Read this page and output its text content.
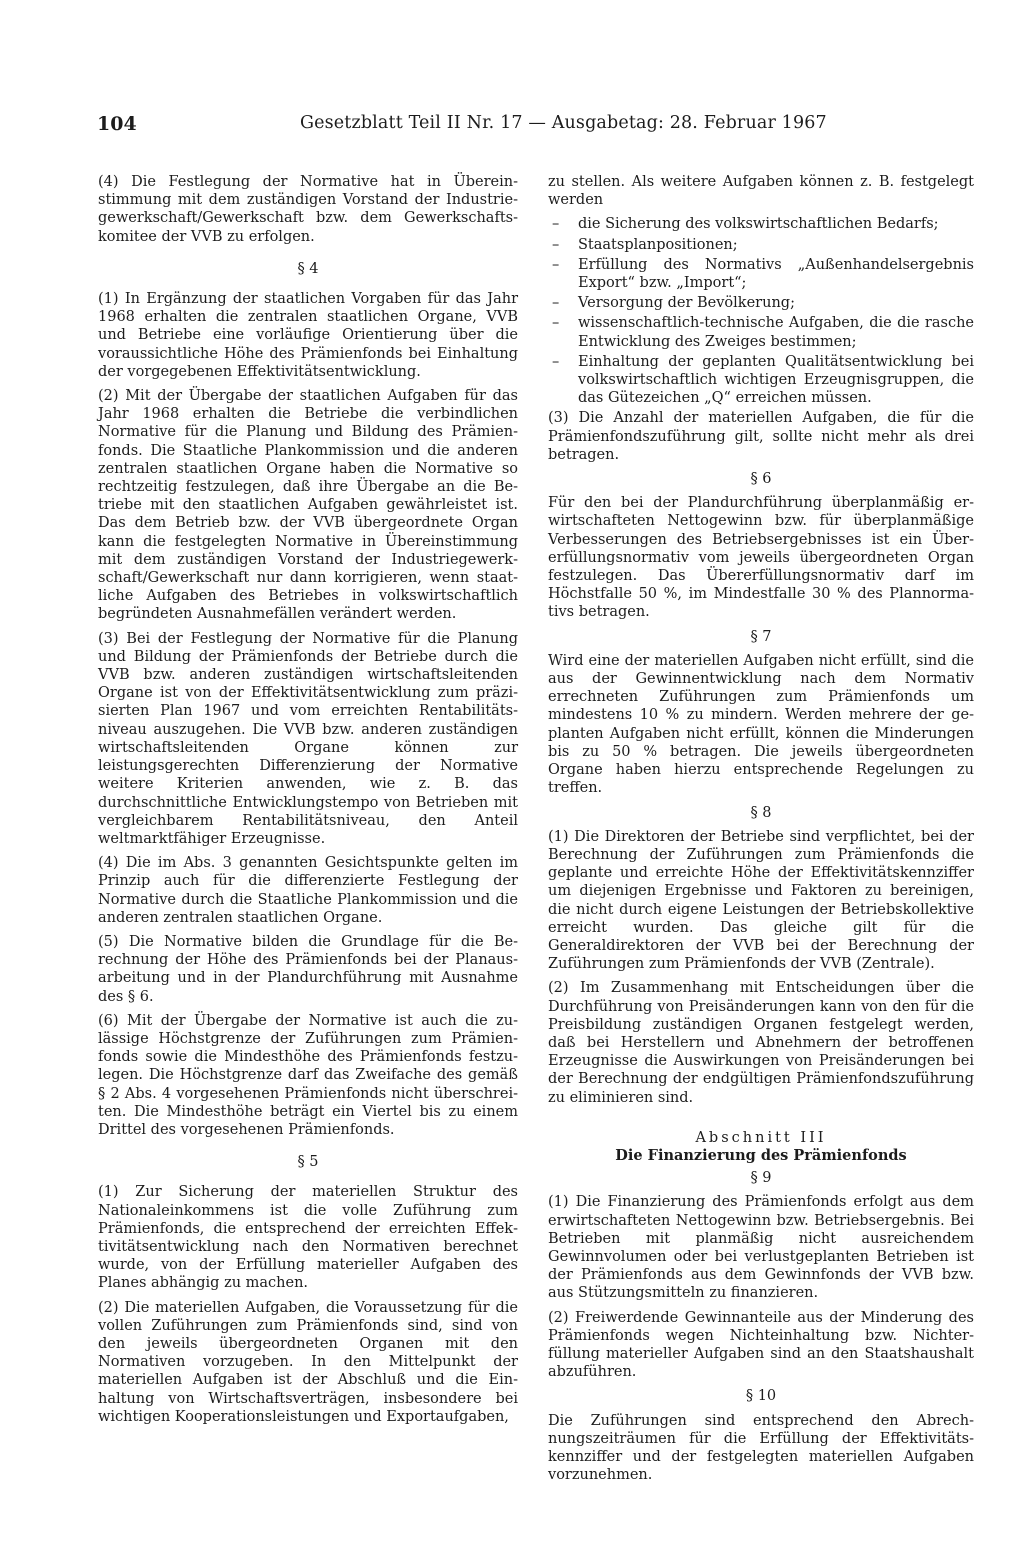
104	Gesetzblatt Teil II Nr. 17 — Ausgabetag: 28. Februar 1967

(4) Die Festlegung der Normative hat in Übereinstimmung mit dem zuständigen Vorstand der Industriegewerkschaft/Gewerkschaft bzw. dem Gewerkschaftskomitee der VVB zu erfolgen.

§ 4

(1) In Ergänzung der staatlichen Vorgaben für das Jahr 1968 erhalten die zentralen staatlichen Organe, VVB und Betriebe eine vorläufige Orientierung über die voraussichtliche Höhe des Prämienfonds bei Einhaltung der vorgegebenen Effektivitätsentwicklung.

(2) Mit der Übergabe der staatlichen Aufgaben für das Jahr 1968 erhalten die Betriebe die verbindlichen Normative für die Planung und Bildung des Prämienfonds. Die Staatliche Plankommission und die anderen zentralen staatlichen Organe haben die Normative so rechtzeitig festzulegen, daß ihre Übergabe an die Betriebe mit den staatlichen Aufgaben gewährleistet ist. Das dem Betrieb bzw. der VVB übergeordnete Organ kann die festgelegten Normative in Übereinstimmung mit dem zuständigen Vorstand der Industriegewerkschaft/Gewerkschaft nur dann korrigieren, wenn staatliche Aufgaben des Betriebes in volkswirtschaftlich begründeten Ausnahmefällen verändert werden.

(3) Bei der Festlegung der Normative für die Planung und Bildung der Prämienfonds der Betriebe durch die VVB bzw. anderen zuständigen wirtschaftsleitenden Organe ist von der Effektivitätsentwicklung zum präzisierten Plan 1967 und vom erreichten Rentabilitätsniveau auszugehen. Die VVB bzw. anderen zuständigen wirtschaftsleitenden Organe können zur leistungsgerechten Differenzierung der Normative weitere Kriterien anwenden, wie z. B. das durchschnittliche Entwicklungstempo von Betrieben mit vergleichbarem Rentabilitätsniveau, den Anteil weltmarktfähiger Erzeugnisse.

(4) Die im Abs. 3 genannten Gesichtspunkte gelten im Prinzip auch für die differenzierte Festlegung der Normative durch die Staatliche Plankommission und die anderen zentralen staatlichen Organe.

(5) Die Normative bilden die Grundlage für die Berechnung der Höhe des Prämienfonds bei der Planausarbeitung und in der Plandurchführung mit Ausnahme des § 6.

(6) Mit der Übergabe der Normative ist auch die zulässige Höchstgrenze der Zuführungen zum Prämienfonds sowie die Mindesthöhe des Prämienfonds festzulegen. Die Höchstgrenze darf das Zweifache des gemäß § 2 Abs. 4 vorgesehenen Prämienfonds nicht überschreiten. Die Mindesthöhe beträgt ein Viertel bis zu einem Drittel des vorgesehenen Prämienfonds.

§ 5

(1) Zur Sicherung der materiellen Struktur des Nationaleinkommens ist die volle Zuführung zum Prämienfonds, die entsprechend der erreichten Effektivitätsentwicklung nach den Normativen berechnet wurde, von der Erfüllung materieller Aufgaben des Planes abhängig zu machen.

(2) Die materiellen Aufgaben, die Voraussetzung für die vollen Zuführungen zum Prämienfonds sind, sind von den jeweils übergeordneten Organen mit den Normativen vorzugeben. In den Mittelpunkt der materiellen Aufgaben ist der Abschluß und die Einhaltung von Wirtschaftsverträgen, insbesondere bei wichtigen Kooperationsleistungen und Exportaufgaben,

zu stellen. Als weitere Aufgaben können z. B. festgelegt werden

– die Sicherung des volkswirtschaftlichen Bedarfs;
– Staatsplanpositionen;
– Erfüllung des Normativs „Außenhandelsergebnis Export“ bzw. „Import“;
– Versorgung der Bevölkerung;
– wissenschaftlich-technische Aufgaben, die die rasche Entwicklung des Zweiges bestimmen;
– Einhaltung der geplanten Qualitätsentwicklung bei volkswirtschaftlich wichtigen Erzeugnisgruppen, die das Gütezeichen „Q“ erreichen müssen.

(3) Die Anzahl der materiellen Aufgaben, die für die Prämienfondszuführung gilt, sollte nicht mehr als drei betragen.

§ 6

Für den bei der Plandurchführung überplanmäßig erwirtschafteten Nettogewinn bzw. für überplanmäßige Verbesserungen des Betriebsergebnisses ist ein Übererfüllungsnormativ vom jeweils übergeordneten Organ festzulegen. Das Übererfüllungsnormativ darf im Höchstfalle 50 %, im Mindestfalle 30 % des Plannormativs betragen.

§ 7

Wird eine der materiellen Aufgaben nicht erfüllt, sind die aus der Gewinnentwicklung nach dem Normativ errechneten Zuführungen zum Prämienfonds um mindestens 10 % zu mindern. Werden mehrere der geplanten Aufgaben nicht erfüllt, können die Minderungen bis zu 50 % betragen. Die jeweils übergeordneten Organe haben hierzu entsprechende Regelungen zu treffen.

§ 8

(1) Die Direktoren der Betriebe sind verpflichtet, bei der Berechnung der Zuführungen zum Prämienfonds die geplante und erreichte Höhe der Effektivitätskennziffer um diejenigen Ergebnisse und Faktoren zu bereinigen, die nicht durch eigene Leistungen der Betriebskollektive erreicht wurden. Das gleiche gilt für die Generaldirektoren der VVB bei der Berechnung der Zuführungen zum Prämienfonds der VVB (Zentrale).

(2) Im Zusammenhang mit Entscheidungen über die Durchführung von Preisänderungen kann von den für die Preisbildung zuständigen Organen festgelegt werden, daß bei Herstellern und Abnehmern der betroffenen Erzeugnisse die Auswirkungen von Preisänderungen bei der Berechnung der endgültigen Prämienfondszuführung zu eliminieren sind.

Abschnitt III
Die Finanzierung des Prämienfonds
§ 9

(1) Die Finanzierung des Prämienfonds erfolgt aus dem erwirtschafteten Nettogewinn bzw. Betriebsergebnis. Bei Betrieben mit planmäßig nicht ausreichendem Gewinnvolumen oder bei verlustgeplanten Betrieben ist der Prämienfonds aus dem Gewinnfonds der VVB bzw. aus Stützungsmitteln zu finanzieren.

(2) Freiwerdende Gewinnanteile aus der Minderung des Prämienfonds wegen Nichteinhaltung bzw. Nichterfüllung materieller Aufgaben sind an den Staatshaushalt abzuführen.

§ 10

Die Zuführungen sind entsprechend den Abrechnungszeiträumen für die Erfüllung der Effektivitätskennziffer und der festgelegten materiellen Aufgaben vorzunehmen.
